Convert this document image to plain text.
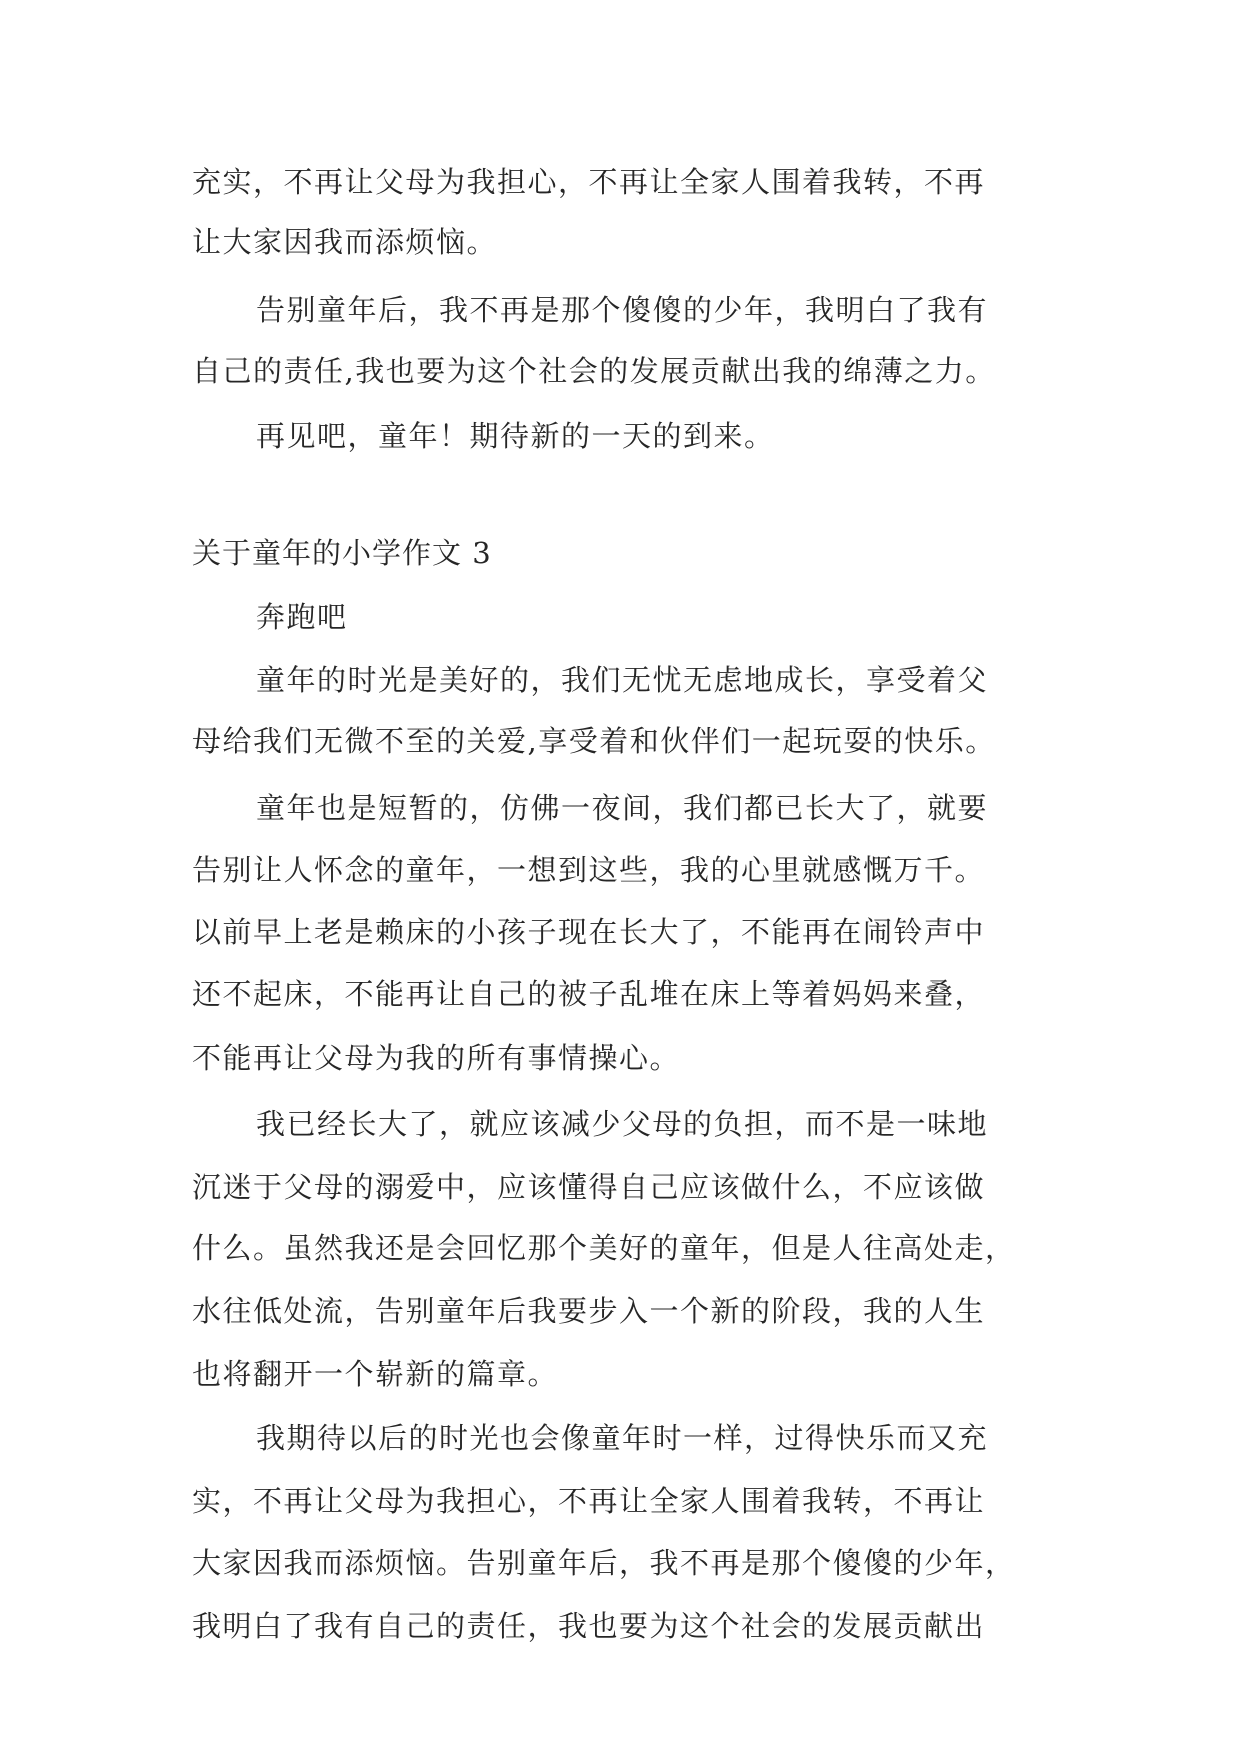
充实，不再让父母为我担心，不再让全家人围着我转，不再

让大家因我而添烦恼。

告别童年后，我不再是那个傻傻的少年，我明白了我有

自己的责任,我也要为这个社会的发展贡献出我的绵薄之力。

再见吧，童年！期待新的一天的到来。

关于童年的小学作文 3

奔跑吧

童年的时光是美好的，我们无忧无虑地成长，享受着父

母给我们无微不至的关爱,享受着和伙伴们一起玩耍的快乐。

童年也是短暂的，仿佛一夜间，我们都已长大了，就要

告别让人怀念的童年，一想到这些，我的心里就感慨万千。

以前早上老是赖床的小孩子现在长大了，不能再在闹铃声中

还不起床，不能再让自己的被子乱堆在床上等着妈妈来叠，

不能再让父母为我的所有事情操心。

我已经长大了，就应该减少父母的负担，而不是一味地

沉迷于父母的溺爱中，应该懂得自己应该做什么，不应该做

什么。虽然我还是会回忆那个美好的童年，但是人往高处走，

水往低处流，告别童年后我要步入一个新的阶段，我的人生

也将翻开一个崭新的篇章。

我期待以后的时光也会像童年时一样，过得快乐而又充

实，不再让父母为我担心，不再让全家人围着我转，不再让

大家因我而添烦恼。告别童年后，我不再是那个傻傻的少年，

我明白了我有自己的责任，我也要为这个社会的发展贡献出
